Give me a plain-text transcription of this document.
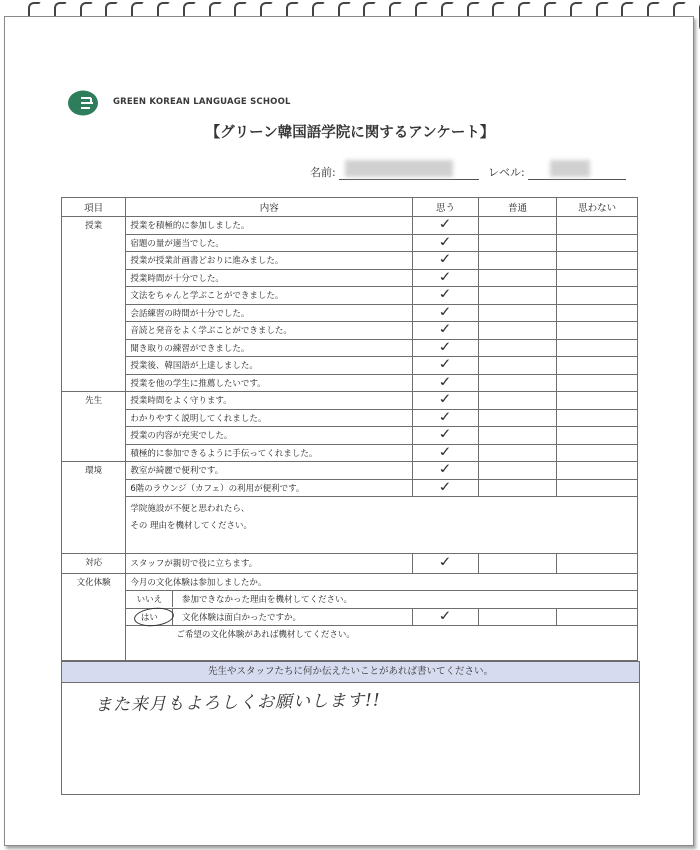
GREEN KOREAN LANGUAGE SCHOOL
【グリーン韓国語学院に関するアンケート】
名前:	レベル:
項目	内容	思う	普通	思わない
授業	授業を積極的に参加しました。	✓		
	宿題の量が適当でした。	✓		
	授業が授業計画書どおりに進みました。	✓		
	授業時間が十分でした。	✓		
	文法をちゃんと学ぶことができました。	✓		
	会話練習の時間が十分でした。	✓		
	音読と発音をよく学ぶことができました。	✓		
	聞き取りの練習ができました。	✓		
	授業後、韓国語が上達しました。	✓		
	授業を他の学生に推薦したいです。	✓		
先生	授業時間をよく守ります。	✓		
	わかりやすく説明してくれました。	✓		
	授業の内容が充実でした。	✓		
	積極的に参加できるように手伝ってくれました。	✓		
環境	教室が綺麗で便利です。	✓		
	6階のラウンジ（カフェ）の利用が便利です。	✓		

	学院施設が不便と思われたら、
その 理由を機材してください。			

対応	スタッフが親切で役に立ちます。	✓		
文化体験	今月の文化体験は参加しましたか。			
	いいえ 参加できなかった理由を機材してください。			
	はい 文化体験は面白かったですか。	✓		
	ご希望の文化体験があれば機材してください。			
先生やスタッフたちに何か伝えたいことがあれば書いてください。
また来月もよろしくお願いします!!
